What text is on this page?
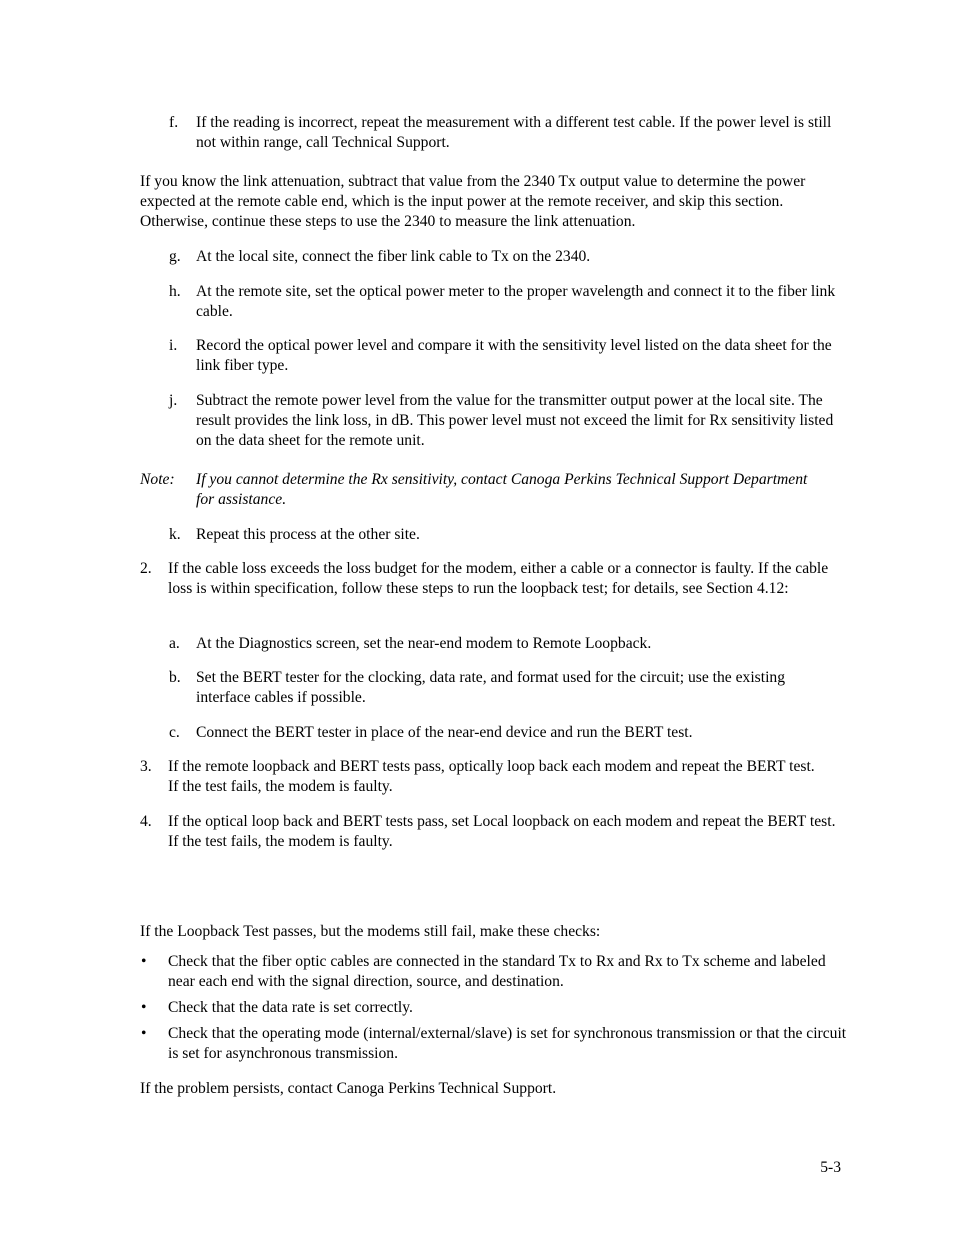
f. If the reading is incorrect, repeat the measurement with a different test cable. If the power level is still not within range, call Technical Support.
If you know the link attenuation, subtract that value from the 2340 Tx output value to determine the power expected at the remote cable end, which is the input power at the remote receiver, and skip this section. Otherwise, continue these steps to use the 2340 to measure the link attenuation.
g. At the local site, connect the fiber link cable to Tx on the 2340.
h. At the remote site, set the optical power meter to the proper wavelength and connect it to the fiber link cable.
i. Record the optical power level and compare it with the sensitivity level listed on the data sheet for the link fiber type.
j. Subtract the remote power level from the value for the transmitter output power at the local site. The result provides the link loss, in dB. This power level must not exceed the limit for Rx sensitivity listed on the data sheet for the remote unit.
Note: If you cannot determine the Rx sensitivity, contact Canoga Perkins Technical Support Department for assistance.
k. Repeat this process at the other site.
2. If the cable loss exceeds the loss budget for the modem, either a cable or a connector is faulty. If the cable loss is within specification, follow these steps to run the loopback test; for details, see Section 4.12:
a. At the Diagnostics screen, set the near-end modem to Remote Loopback.
b. Set the BERT tester for the clocking, data rate, and format used for the circuit; use the existing interface cables if possible.
c. Connect the BERT tester in place of the near-end device and run the BERT test.
3. If the remote loopback and BERT tests pass, optically loop back each modem and repeat the BERT test. If the test fails, the modem is faulty.
4. If the optical loop back and BERT tests pass, set Local loopback on each modem and repeat the BERT test. If the test fails, the modem is faulty.
If the Loopback Test passes, but the modems still fail, make these checks:
• Check that the fiber optic cables are connected in the standard Tx to Rx and Rx to Tx scheme and labeled near each end with the signal direction, source, and destination.
• Check that the data rate is set correctly.
• Check that the operating mode (internal/external/slave) is set for synchronous transmission or that the circuit is set for asynchronous transmission.
If the problem persists, contact Canoga Perkins Technical Support.
5-3
